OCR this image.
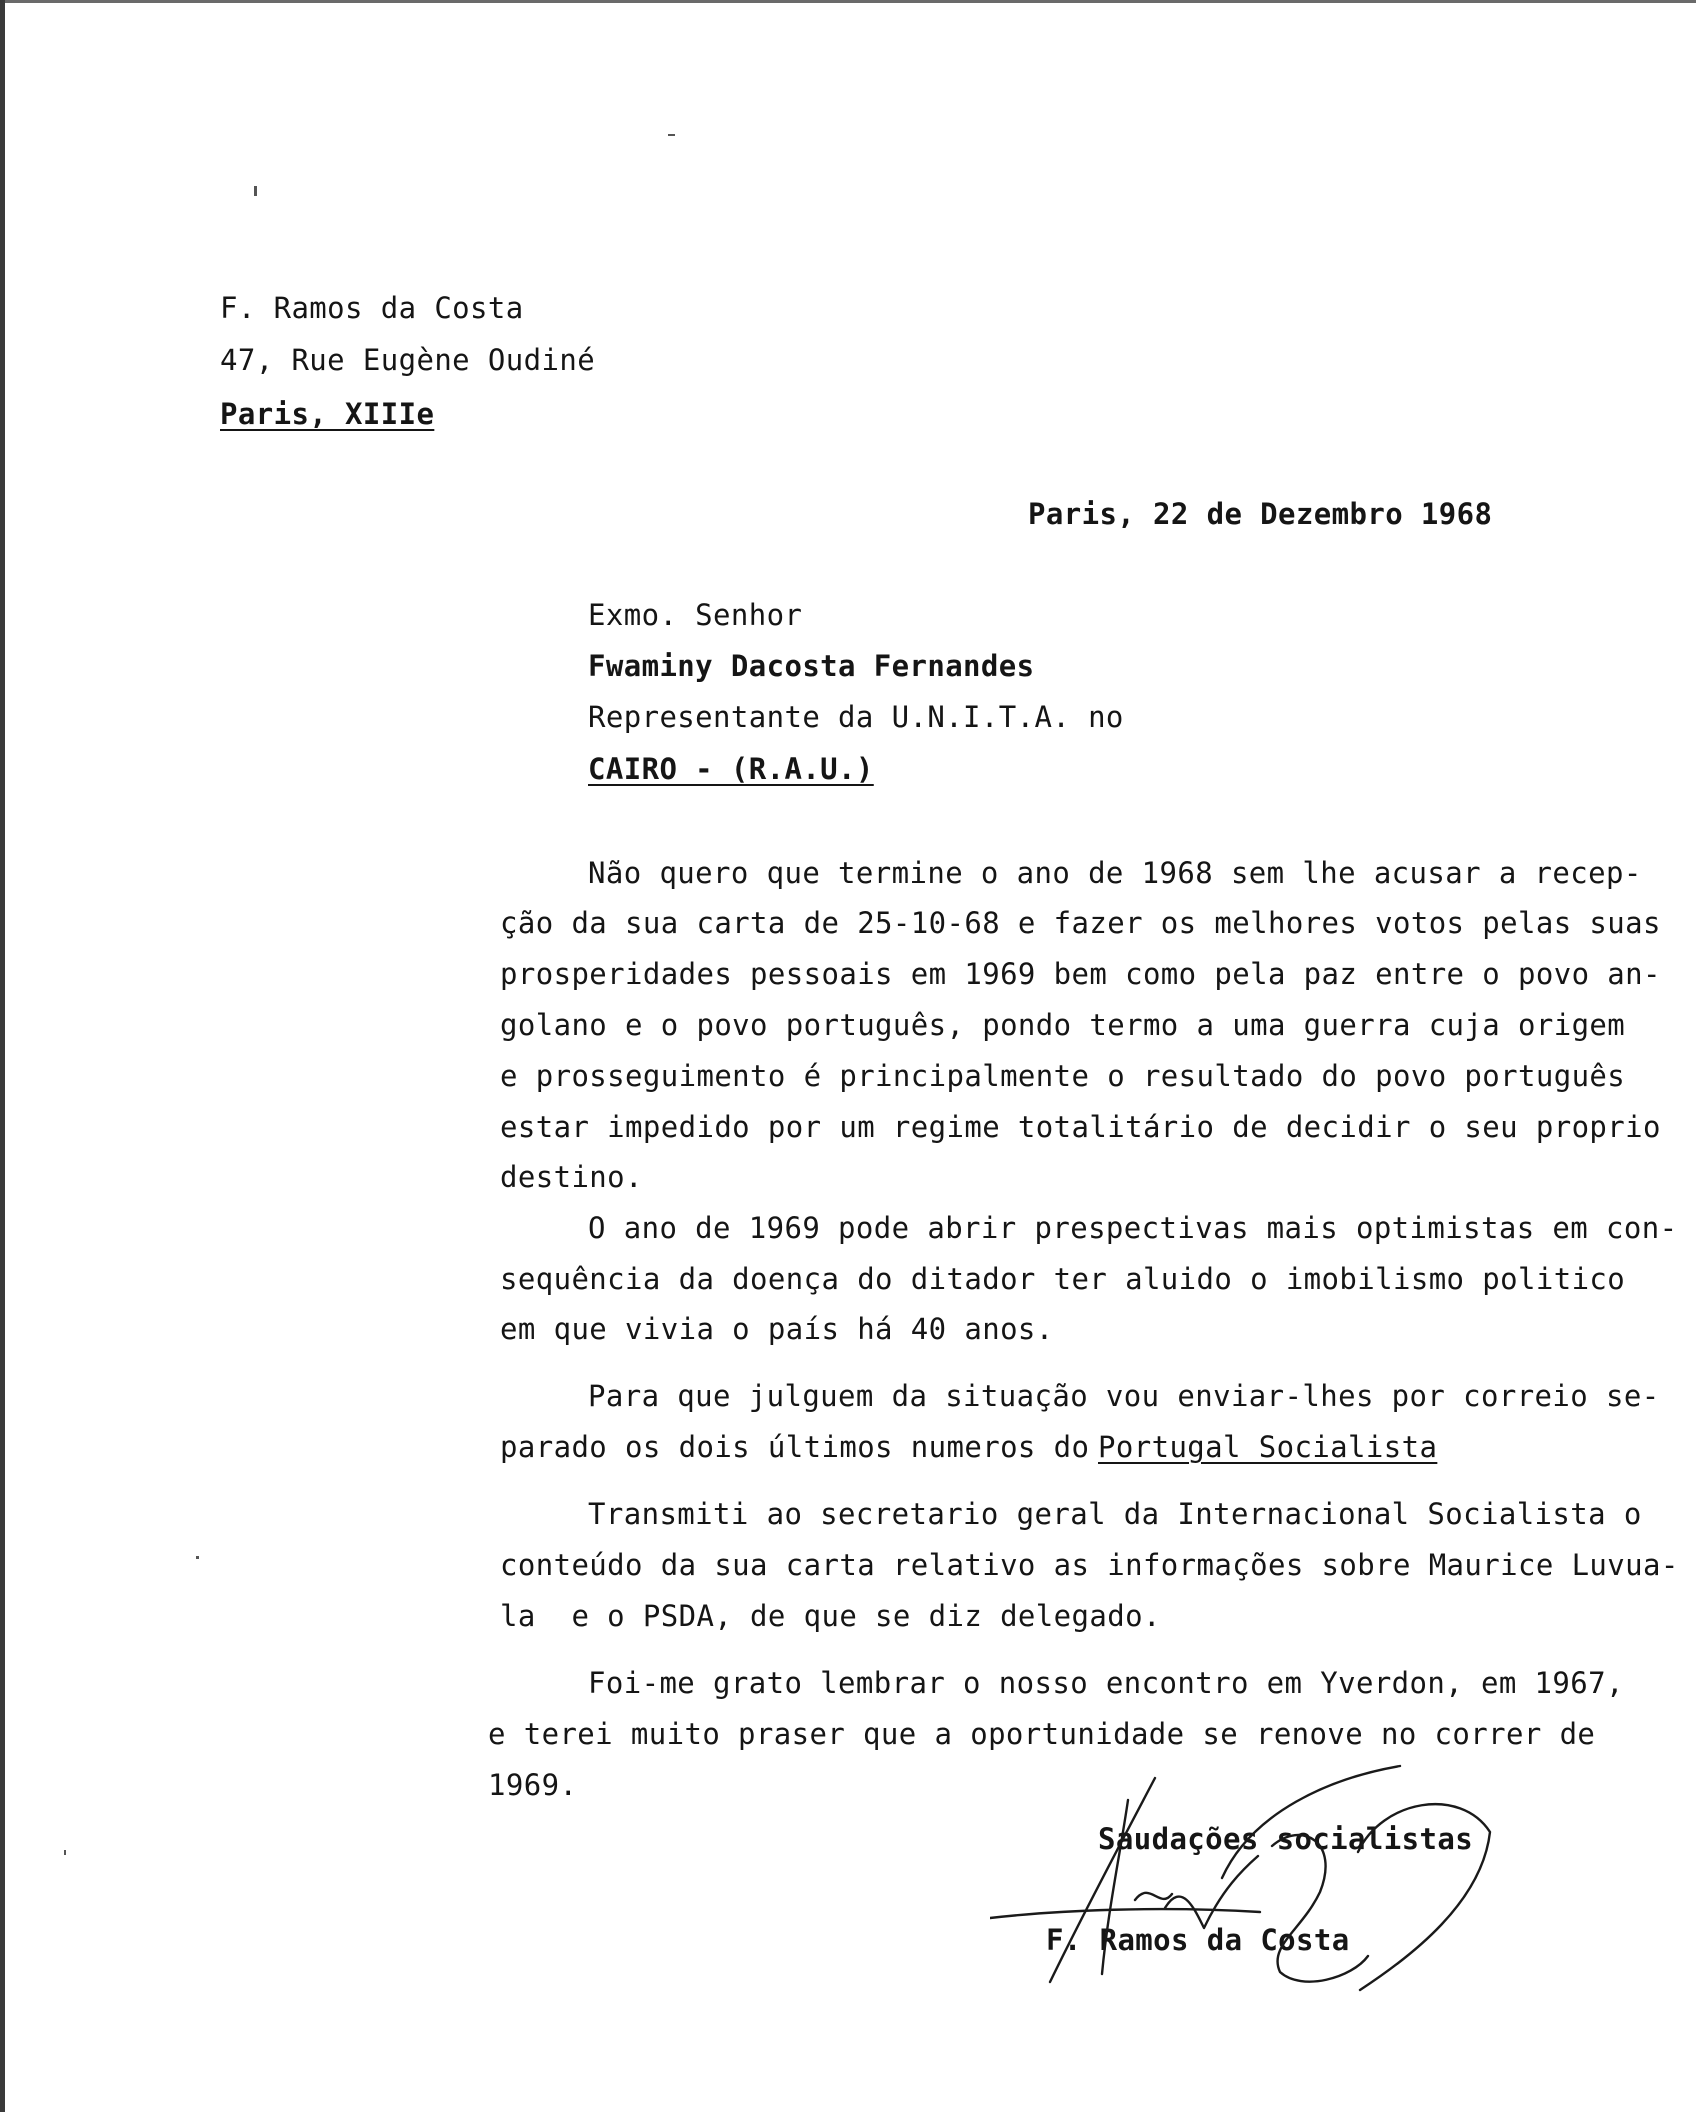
F. Ramos da Costa
47, Rue Eugène Oudiné
Paris, XIIIe
Paris, 22 de Dezembro 1968
Exmo. Senhor
Fwaminy Dacosta Fernandes
Representante da U.N.I.T.A. no
CAIRO - (R.A.U.)
Não quero que termine o ano de 1968 sem lhe acusar a recep-
ção da sua carta de 25-10-68 e fazer os melhores votos pelas suas
prosperidades pessoais em 1969 bem como pela paz entre o povo an-
golano e o povo português, pondo termo a uma guerra cuja origem
e prosseguimento é principalmente o resultado do povo português
estar impedido por um regime totalitário de decidir o seu proprio
destino.
O ano de 1969 pode abrir prespectivas mais optimistas em con-
sequência da doença do ditador ter aluido o imobilismo politico
em que vivia o país há 40 anos.
Para que julguem da situação vou enviar-lhes por correio se-
parado os dois últimos numeros do Portugal Socialista
Transmiti ao secretario geral da Internacional Socialista o
conteúdo da sua carta relativo as informações sobre Maurice Luvua-
la  e o PSDA, de que se diz delegado.
Foi-me grato lembrar o nosso encontro em Yverdon, em 1967,
e terei muito praser que a oportunidade se renove no correr de
1969.
Saudações socialistas
F. Ramos da Costa
